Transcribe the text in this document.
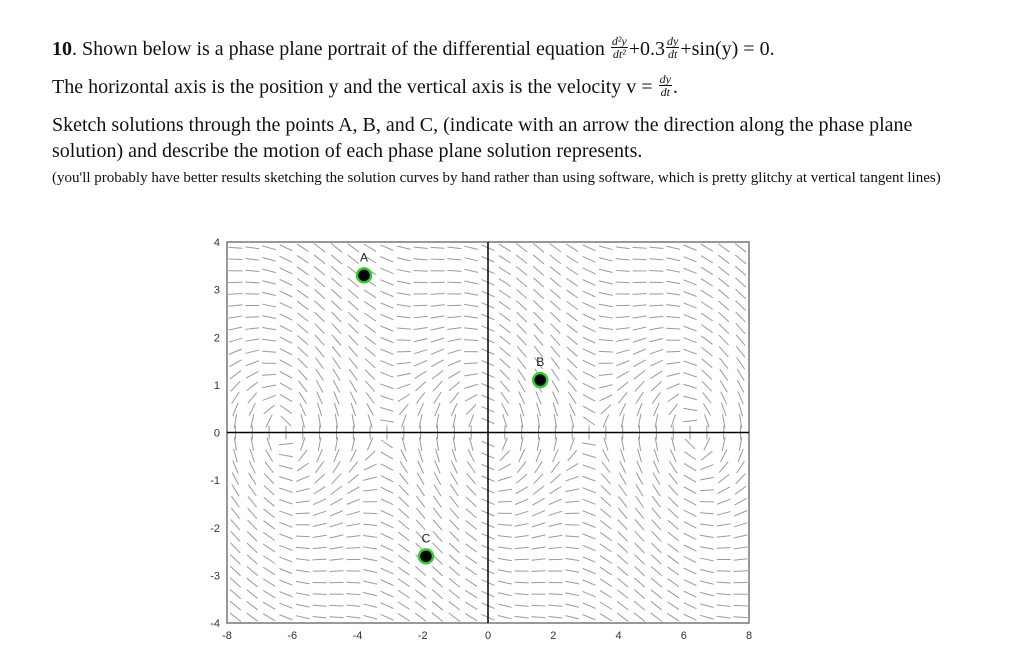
10. Shown below is a phase plane portrait of the differential equation $\frac{\text{d²y}}{\text{dt²}} +0.3 \frac{dy}{dt} +\sin(y) = 0$.
The horizontal axis is the position y and the vertical axis is the velocity $v = \frac{dy}{dt}$ .
Sketch solutions through the points A, B, and C, (indicate with an arrow the direction along the phase plane solution) and describe the motion of each phase plane solution represents.
(you'll probably have better results sketching the solution curves by hand rather than using software, which is pretty glitchy at vertical tangent lines)
-8	-6	-4	-2	0	2	4	6	8
4
3
2
1
0
-1
-2
-3
-4
A
B
C
